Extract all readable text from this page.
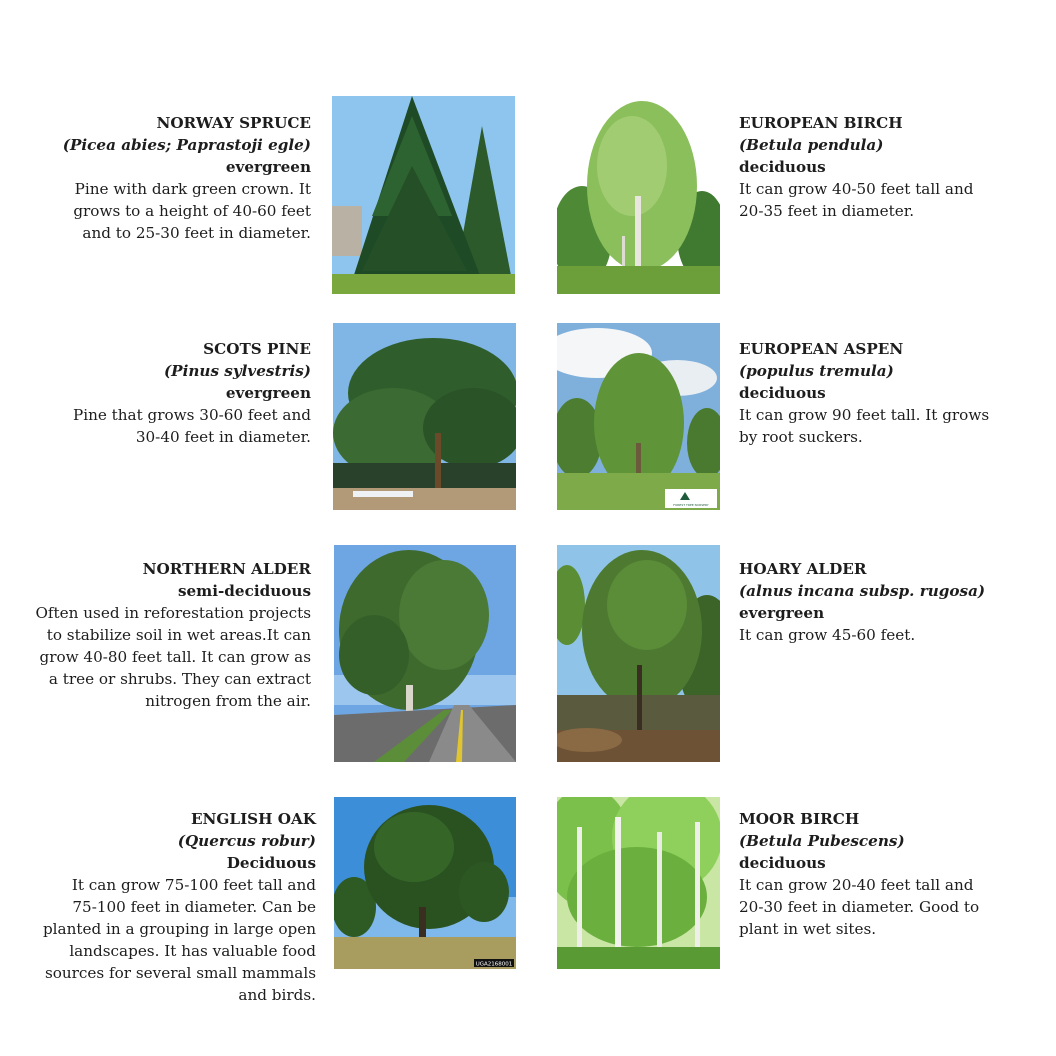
NORWAY SPRUCE
(Picea abies; Paprastoji egle)
evergreen
Pine with dark green crown. It
grows to a height of 40-60 feet
and to 25-30 feet in diameter.
EUROPEAN BIRCH
(Betula pendula)
deciduous
It can grow 40-50 feet tall and
20-35 feet in diameter.
SCOTS PINE
(Pinus sylvestris)
evergreen
Pine that grows 30-60 feet and
30-40 feet in diameter.
FOREST TREE NURSERY
EUROPEAN ASPEN
(populus tremula)
deciduous
It can grow 90 feet tall. It grows
by root suckers.
NORTHERN ALDER
semi-deciduous
Often used in reforestation projects
to stabilize soil in wet areas.It can
grow 40-80 feet tall. It can grow as
a tree or shrubs. They can extract
nitrogen from the air.
HOARY ALDER
(alnus incana subsp. rugosa)
evergreen
It can grow 45-60 feet.
ENGLISH OAK
(Quercus robur)
Deciduous
It can grow 75-100 feet tall and
75-100 feet in diameter. Can be
planted in a grouping in large open
landscapes. It has valuable food
sources for several small mammals
and birds.
UGA2168001
MOOR BIRCH
(Betula Pubescens)
deciduous
It can grow 20-40 feet tall and
20-30 feet in diameter. Good to
plant in wet sites.
